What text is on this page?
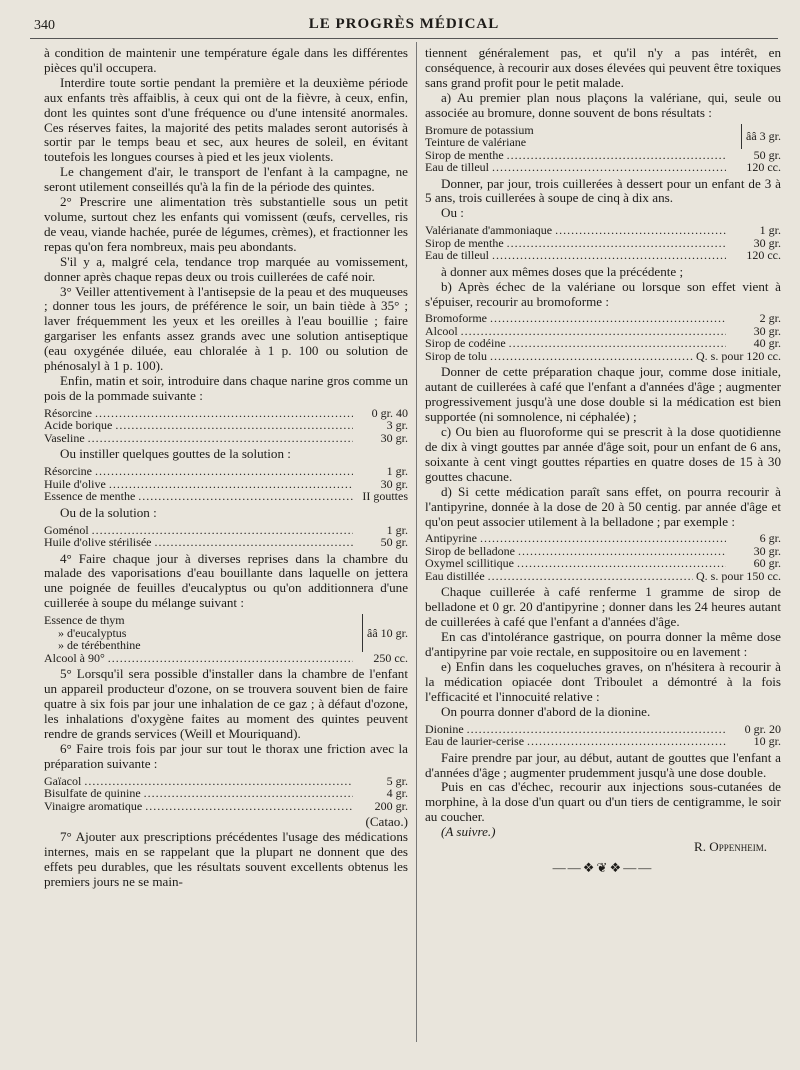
340	LE PROGRÈS MÉDICAL

à condition de maintenir une température égale dans les différentes pièces qu'il occupera.

Interdire toute sortie pendant la première et la deuxième période aux enfants très affaiblis, à ceux qui ont de la fièvre, à ceux, enfin, dont les quintes sont d'une fréquence ou d'une intensité anormales. Ces réserves faites, la majorité des petits malades seront autorisés à sortir par le temps beau et sec, aux heures de soleil, en évitant toutefois les longues courses à pied et les jeux violents.

Le changement d'air, le transport de l'enfant à la campagne, ne seront utilement conseillés qu'à la fin de la période des quintes.

2° Prescrire une alimentation très substantielle sous un petit volume, surtout chez les enfants qui vomissent (œufs, cervelles, ris de veau, viande hachée, purée de légumes, crèmes), et fractionner les repas qu'on fera nombreux, mais peu abondants.

S'il y a, malgré cela, tendance trop marquée au vomissement, donner après chaque repas deux ou trois cuillerées de café noir.

3° Veiller attentivement à l'antisepsie de la peau et des muqueuses ; donner tous les jours, de préférence le soir, un bain tiède à 35° ; laver fréquemment les yeux et les oreilles à l'eau bouillie ; faire gargariser les enfants assez grands avec une solution antiseptique (eau oxygénée diluée, eau chloralée à 1 p. 100 ou solution de phénosalyl à 1 p. 100).

Enfin, matin et soir, introduire dans chaque narine gros comme un pois de la pommade suivante :

Résorcine .....	0 gr. 40
Acide borique .....	3 gr.
Vaseline .....	30 gr.

Ou instiller quelques gouttes de la solution :

Résorcine .....	1 gr.
Huile d'olive .....	30 gr.
Essence de menthe .....	II gouttes

Ou de la solution :

Goménol .....	1 gr.
Huile d'olive stérilisée .....	50 gr.

4° Faire chaque jour à diverses reprises dans la chambre du malade des vaporisations d'eau bouillante dans laquelle on jettera une poignée de feuilles d'eucalyptus ou qu'on additionnera d'une cuillerée à soupe du mélange suivant :

Essence de thym
» d'eucalyptus
» de térébenthine
ââ 10 gr.
Alcool à 90° .....	250 cc.

5° Lorsqu'il sera possible d'installer dans la chambre de l'enfant un appareil producteur d'ozone, on se trouvera souvent bien de faire quatre à six fois par jour une inhalation de ce gaz ; à défaut d'ozone, les inhalations d'oxygène faites au moment des quintes peuvent rendre de grands services (Weill et Mouriquand).

6° Faire trois fois par jour sur tout le thorax une friction avec la préparation suivante :

Gaïacol .....	5 gr.
Bisulfate de quinine .....	4 gr.
Vinaigre aromatique .....	200 gr.

(Catao.)

7° Ajouter aux prescriptions précédentes l'usage des médications internes, mais en se rappelant que la plupart ne donnent que des effets peu durables, que les résultats souvent excellents obtenus les premiers jours ne se main-

tiennent généralement pas, et qu'il n'y a pas intérêt, en conséquence, à recourir aux doses élevées qui peuvent être toxiques sans grand profit pour le petit malade.

a) Au premier plan nous plaçons la valériane, qui, seule ou associée au bromure, donne souvent de bons résultats :

Bromure de potassium
Teinture de valériane	ââ 3 gr.
Sirop de menthe .....	50 gr.
Eau de tilleul .....	120 cc.

Donner, par jour, trois cuillerées à dessert pour un enfant de 3 à 5 ans, trois cuillerées à soupe de cinq à dix ans.

Ou :

Valérianate d'ammoniaque .....	1 gr.
Sirop de menthe .....	30 gr.
Eau de tilleul .....	120 cc.

à donner aux mêmes doses que la précédente ;

b) Après échec de la valériane ou lorsque son effet vient à s'épuiser, recourir au bromoforme :

Bromoforme .....	2 gr.
Alcool .....	30 gr.
Sirop de codéine .....	40 gr.
Sirop de tolu .....	Q. s. pour 120 cc.

Donner de cette préparation chaque jour, comme dose initiale, autant de cuillerées à café que l'enfant a d'années d'âge ; augmenter progressivement jusqu'à une dose double si la médication est bien supportée (ni somnolence, ni céphalée) ;

c) Ou bien au fluoroforme qui se prescrit à la dose quotidienne de dix à vingt gouttes par année d'âge soit, pour un enfant de 6 ans, soixante à cent vingt gouttes réparties en quatre doses de 15 à 30 gouttes chacune.

d) Si cette médication paraît sans effet, on pourra recourir à l'antipyrine, donnée à la dose de 20 à 50 centig. par année d'âge et qu'on peut associer utilement à la belladone ; par exemple :

Antipyrine .....	6 gr.
Sirop de belladone .....	30 gr.
Oxymel scillitique .....	60 gr.
Eau distillée .....	Q. s. pour 150 cc.

Chaque cuillerée à café renferme 1 gramme de sirop de belladone et 0 gr. 20 d'antipyrine ; donner dans les 24 heures autant de cuillerées à café que l'enfant a d'années d'âge.

En cas d'intolérance gastrique, on pourra donner la même dose d'antipyrine par voie rectale, en suppositoire ou en lavement :

e) Enfin dans les coqueluches graves, on n'hésitera à recourir à la médication opiacée dont Triboulet a démontré à la fois l'efficacité et l'innocuité relative :

On pourra donner d'abord de la dionine.

Dionine .....	0 gr. 20
Eau de laurier-cerise .....	10 gr.

Faire prendre par jour, au début, autant de gouttes que l'enfant a d'années d'âge ; augmenter prudemment jusqu'à une dose double.

Puis en cas d'échec, recourir aux injections sous-cutanées de morphine, à la dose d'un quart ou d'un tiers de centigramme, le soir au coucher.

(A suivre.)

R. Oppenheim.

——❖❦❖——
